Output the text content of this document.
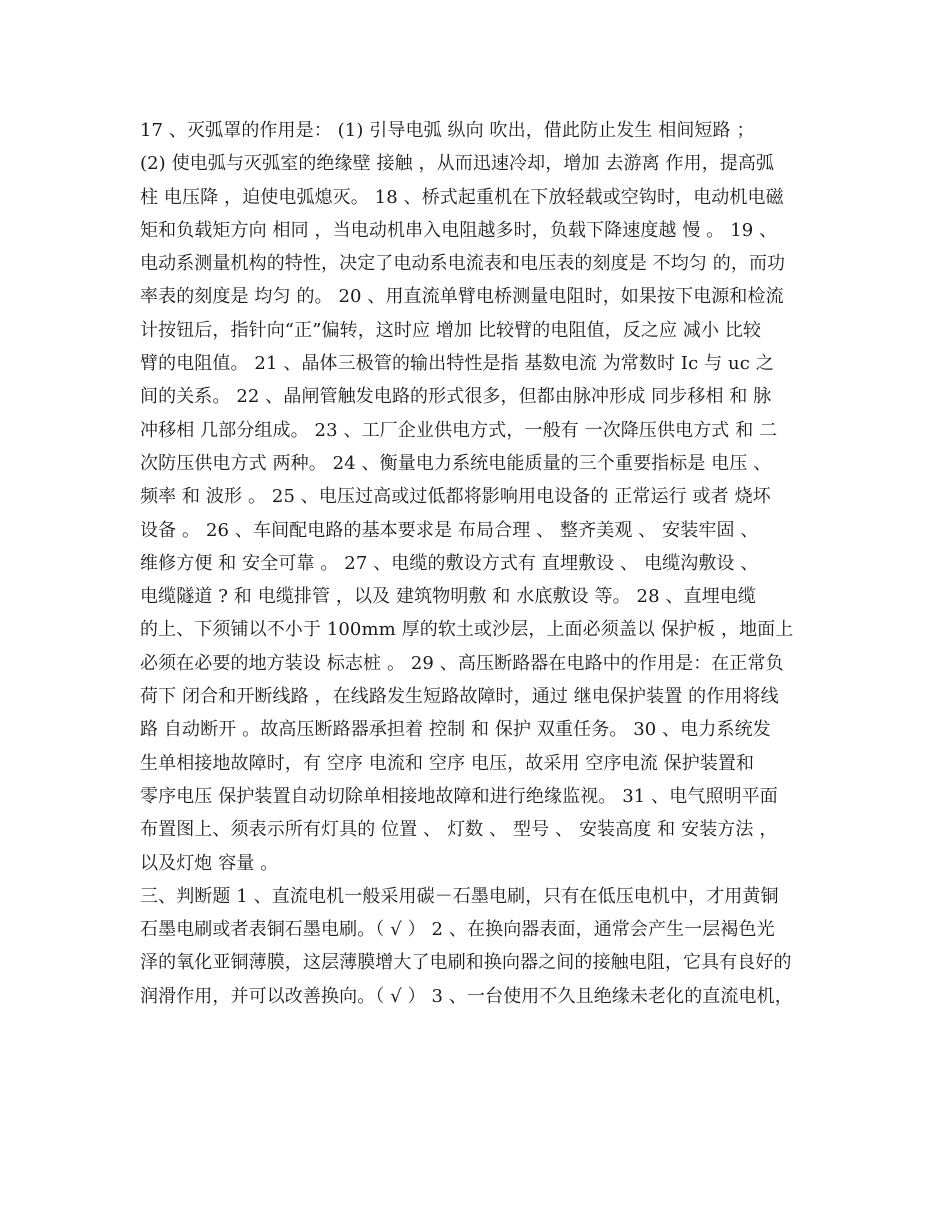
17 、灭弧罩的作用是： (1) 引导电弧 纵向 吹出，借此防止发生 相间短路 ；
(2) 使电弧与灭弧室的绝缘壁 接触 ，从而迅速冷却，增加 去游离 作用，提高弧
柱 电压降 ，迫使电弧熄灭。 18 、桥式起重机在下放轻载或空钩时，电动机电磁
矩和负载矩方向 相同 ，当电动机串入电阻越多时，负载下降速度越 慢 。 19 、
电动系测量机构的特性，决定了电动系电流表和电压表的刻度是 不均匀 的，而功
率表的刻度是 均匀 的。 20 、用直流单臂电桥测量电阻时，如果按下电源和检流
计按钮后，指针向“正”偏转，这时应 增加 比较臂的电阻值，反之应 减小 比较
臂的电阻值。 21 、晶体三极管的输出特性是指 基数电流 为常数时 Ic 与 uc 之
间的关系。 22 、晶闸管触发电路的形式很多，但都由脉冲形成 同步移相 和 脉
冲移相 几部分组成。 23 、工厂企业供电方式，一般有 一次降压供电方式 和 二
次防压供电方式 两种。 24 、衡量电力系统电能质量的三个重要指标是 电压 、
频率 和 波形 。 25 、电压过高或过低都将影响用电设备的 正常运行 或者 烧坏
设备 。 26 、车间配电路的基本要求是 布局合理 、 整齐美观 、 安装牢固 、
维修方便 和 安全可靠 。 27 、电缆的敷设方式有 直埋敷设 、 电缆沟敷设 、
电缆隧道 ? 和 电缆排管 ，以及 建筑物明敷 和 水底敷设 等。 28 、直埋电缆
的上、下须铺以不小于 100mm 厚的软土或沙层，上面必须盖以 保护板 ，地面上
必须在必要的地方装设 标志桩 。 29 、高压断路器在电路中的作用是：在正常负
荷下 闭合和开断线路 ，在线路发生短路故障时，通过 继电保护装置 的作用将线
路 自动断开 。故高压断路器承担着 控制 和 保护 双重任务。 30 、电力系统发
生单相接地故障时，有 空序 电流和 空序 电压，故采用 空序电流 保护装置和
零序电压 保护装置自动切除单相接地故障和进行绝缘监视。 31 、电气照明平面
布置图上、须表示所有灯具的 位置 、 灯数 、 型号 、 安装高度 和 安装方法 ，
以及灯炮 容量 。
三、判断题 1 、直流电机一般采用碳－石墨电刷，只有在低压电机中，才用黄铜
石墨电刷或者表铜石墨电刷。（ √ ） 2 、在换向器表面，通常会产生一层褐色光
泽的氧化亚铜薄膜，这层薄膜增大了电刷和换向器之间的接触电阻，它具有良好的
润滑作用，并可以改善换向。（ √ ） 3 、一台使用不久且绝缘未老化的直流电机，
